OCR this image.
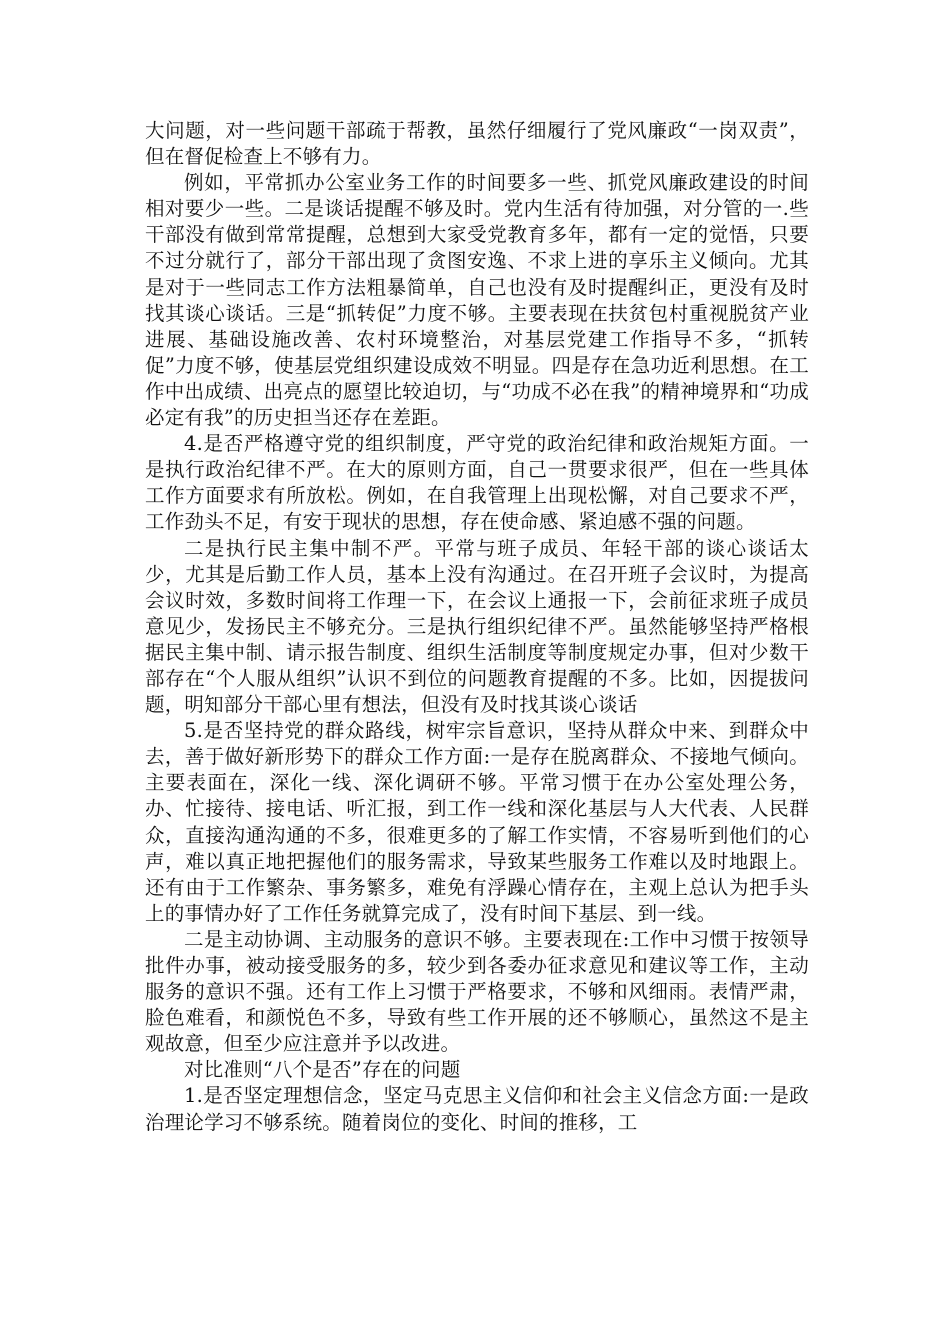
大问题，对一些问题干部疏于帮教，虽然仔细履行了党风廉政“一岗双责”，但在督促检查上不够有力。

例如，平常抓办公室业务工作的时间要多一些、抓党风廉政建设的时间相对要少一些。二是谈话提醒不够及时。党内生活有待加强，对分管的一.些干部没有做到常常提醒，总想到大家受党教育多年，都有一定的觉悟，只要不过分就行了，部分干部出现了贪图安逸、不求上进的享乐主义倾向。尤其是对于一些同志工作方法粗暴简单，自己也没有及时提醒纠正，更没有及时找其谈心谈话。三是“抓转促”力度不够。主要表现在扶贫包村重视脱贫产业进展、基础设施改善、农村环境整治，对基层党建工作指导不多，“抓转促”力度不够，使基层党组织建设成效不明显。四是存在急功近利思想。在工作中出成绩、出亮点的愿望比较迫切，与“功成不必在我”的精神境界和“功成必定有我”的历史担当还存在差距。

4.是否严格遵守党的组织制度，严守党的政治纪律和政治规矩方面。一是执行政治纪律不严。在大的原则方面，自己一贯要求很严，但在一些具体工作方面要求有所放松。例如，在自我管理上出现松懈，对自己要求不严，工作劲头不足，有安于现状的思想，存在使命感、紧迫感不强的问题。

二是执行民主集中制不严。平常与班子成员、年轻干部的谈心谈话太少，尤其是后勤工作人员，基本上没有沟通过。在召开班子会议时，为提高会议时效，多数时间将工作理一下，在会议上通报一下，会前征求班子成员意见少，发扬民主不够充分。三是执行组织纪律不严。虽然能够坚持严格根据民主集中制、请示报告制度、组织生活制度等制度规定办事，但对少数干部存在“个人服从组织”认识不到位的问题教育提醒的不多。比如，因提拔问题，明知部分干部心里有想法，但没有及时找其谈心谈话

5.是否坚持党的群众路线，树牢宗旨意识，坚持从群众中来、到群众中去，善于做好新形势下的群众工作方面:一是存在脱离群众、不接地气倾向。主要表面在，深化一线、深化调研不够。平常习惯于在办公室处理公务，办、忙接待、接电话、听汇报，到工作一线和深化基层与人大代表、人民群众，直接沟通沟通的不多，很难更多的了解工作实情，不容易听到他们的心声，难以真正地把握他们的服务需求，导致某些服务工作难以及时地跟上。还有由于工作繁杂、事务繁多，难免有浮躁心情存在，主观上总认为把手头上的事情办好了工作任务就算完成了，没有时间下基层、到一线。

二是主动协调、主动服务的意识不够。主要表现在:工作中习惯于按领导批件办事，被动接受服务的多，较少到各委办征求意见和建议等工作，主动服务的意识不强。还有工作上习惯于严格要求，不够和风细雨。表情严肃，脸色难看，和颜悦色不多，导致有些工作开展的还不够顺心，虽然这不是主观故意，但至少应注意并予以改进。

对比准则“八个是否”存在的问题

1.是否坚定理想信念，坚定马克思主义信仰和社会主义信念方面:一是政治理论学习不够系统。随着岗位的变化、时间的推移，工
